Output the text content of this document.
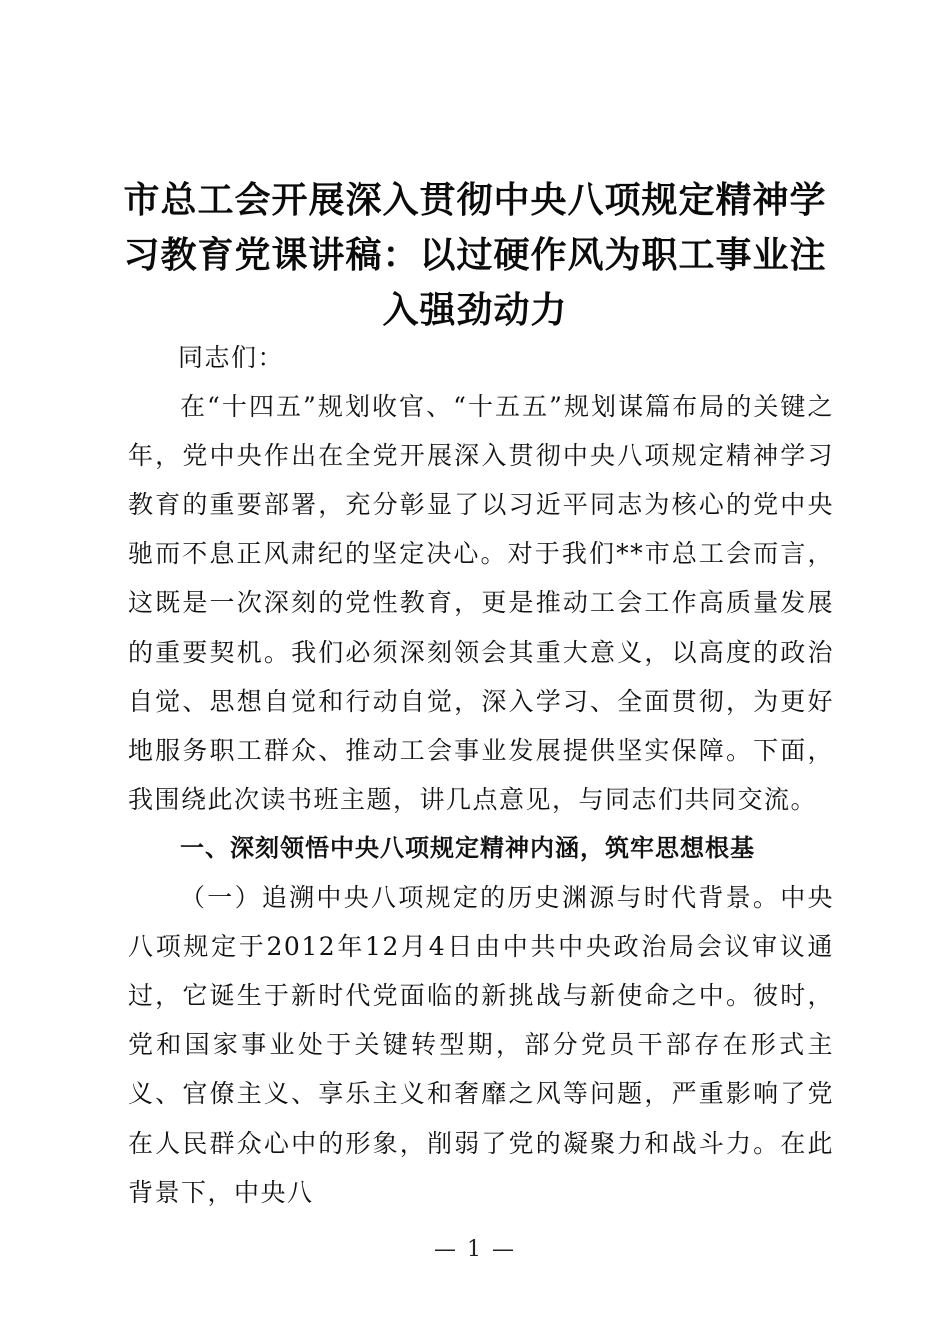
市总工会开展深入贯彻中央八项规定精神学习教育党课讲稿：以过硬作风为职工事业注入强劲动力

同志们：

在“十四五”规划收官、“十五五”规划谋篇布局的关键之年，党中央作出在全党开展深入贯彻中央八项规定精神学习教育的重要部署，充分彰显了以习近平同志为核心的党中央驰而不息正风肃纪的坚定决心。对于我们**市总工会而言，这既是一次深刻的党性教育，更是推动工会工作高质量发展的重要契机。我们必须深刻领会其重大意义，以高度的政治自觉、思想自觉和行动自觉，深入学习、全面贯彻，为更好地服务职工群众、推动工会事业发展提供坚实保障。下面，我围绕此次读书班主题，讲几点意见，与同志们共同交流。

一、深刻领悟中央八项规定精神内涵，筑牢思想根基

（一）追溯中央八项规定的历史渊源与时代背景。中央八项规定于2012年12月4日由中共中央政治局会议审议通过，它诞生于新时代党面临的新挑战与新使命之中。彼时，党和国家事业处于关键转型期，部分党员干部存在形式主义、官僚主义、享乐主义和奢靡之风等问题，严重影响了党在人民群众心中的形象，削弱了党的凝聚力和战斗力。在此背景下，中央八

— 1 —
